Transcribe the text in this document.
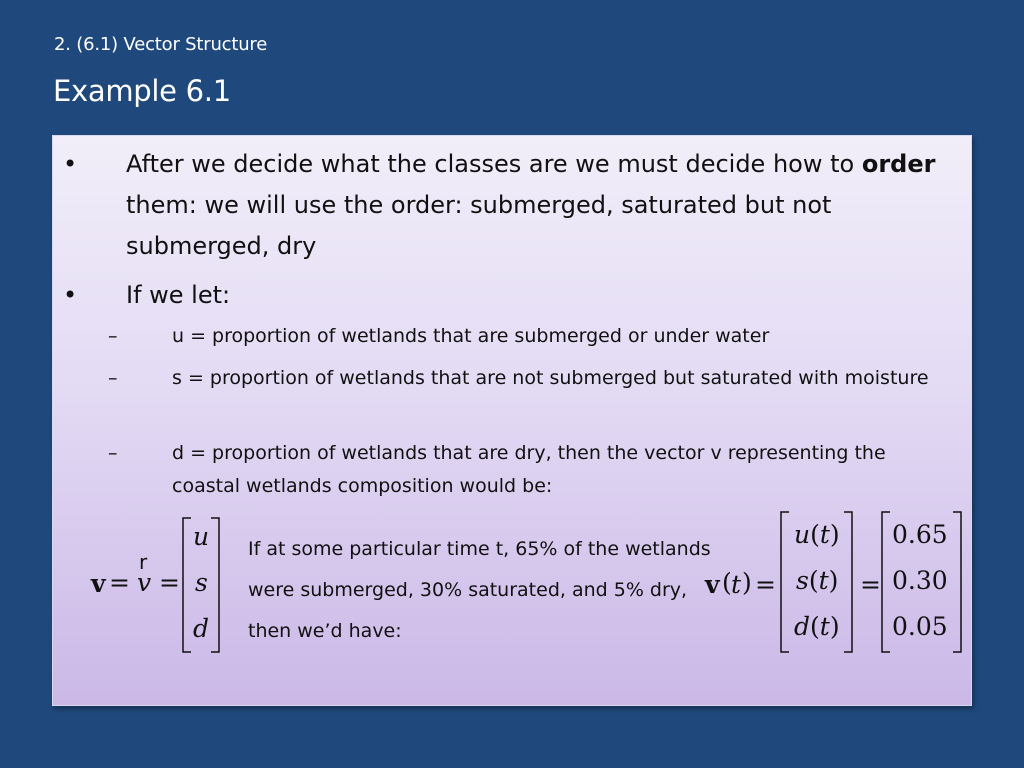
2. (6.1) Vector Structure
Example 6.1
• After we decide what the classes are we must decide how to order them: we will use the order: submerged, saturated but not submerged, dry
• If we let:
–	u = proportion of wetlands that are submerged or under water
–	s = proportion of wetlands that are not submerged but saturated with moisture
–	d = proportion of wetlands that are dry, then the vector v representing the coastal wetlands composition would be:
If at some particular time t, 65% of the wetlands were submerged, 30% saturated, and 5% dry, then we’d have:
v =
r
v =
u
s
d
v ( t ) =
u(t)
s(t)
d(t)
=
0.65
0.30
0.05
